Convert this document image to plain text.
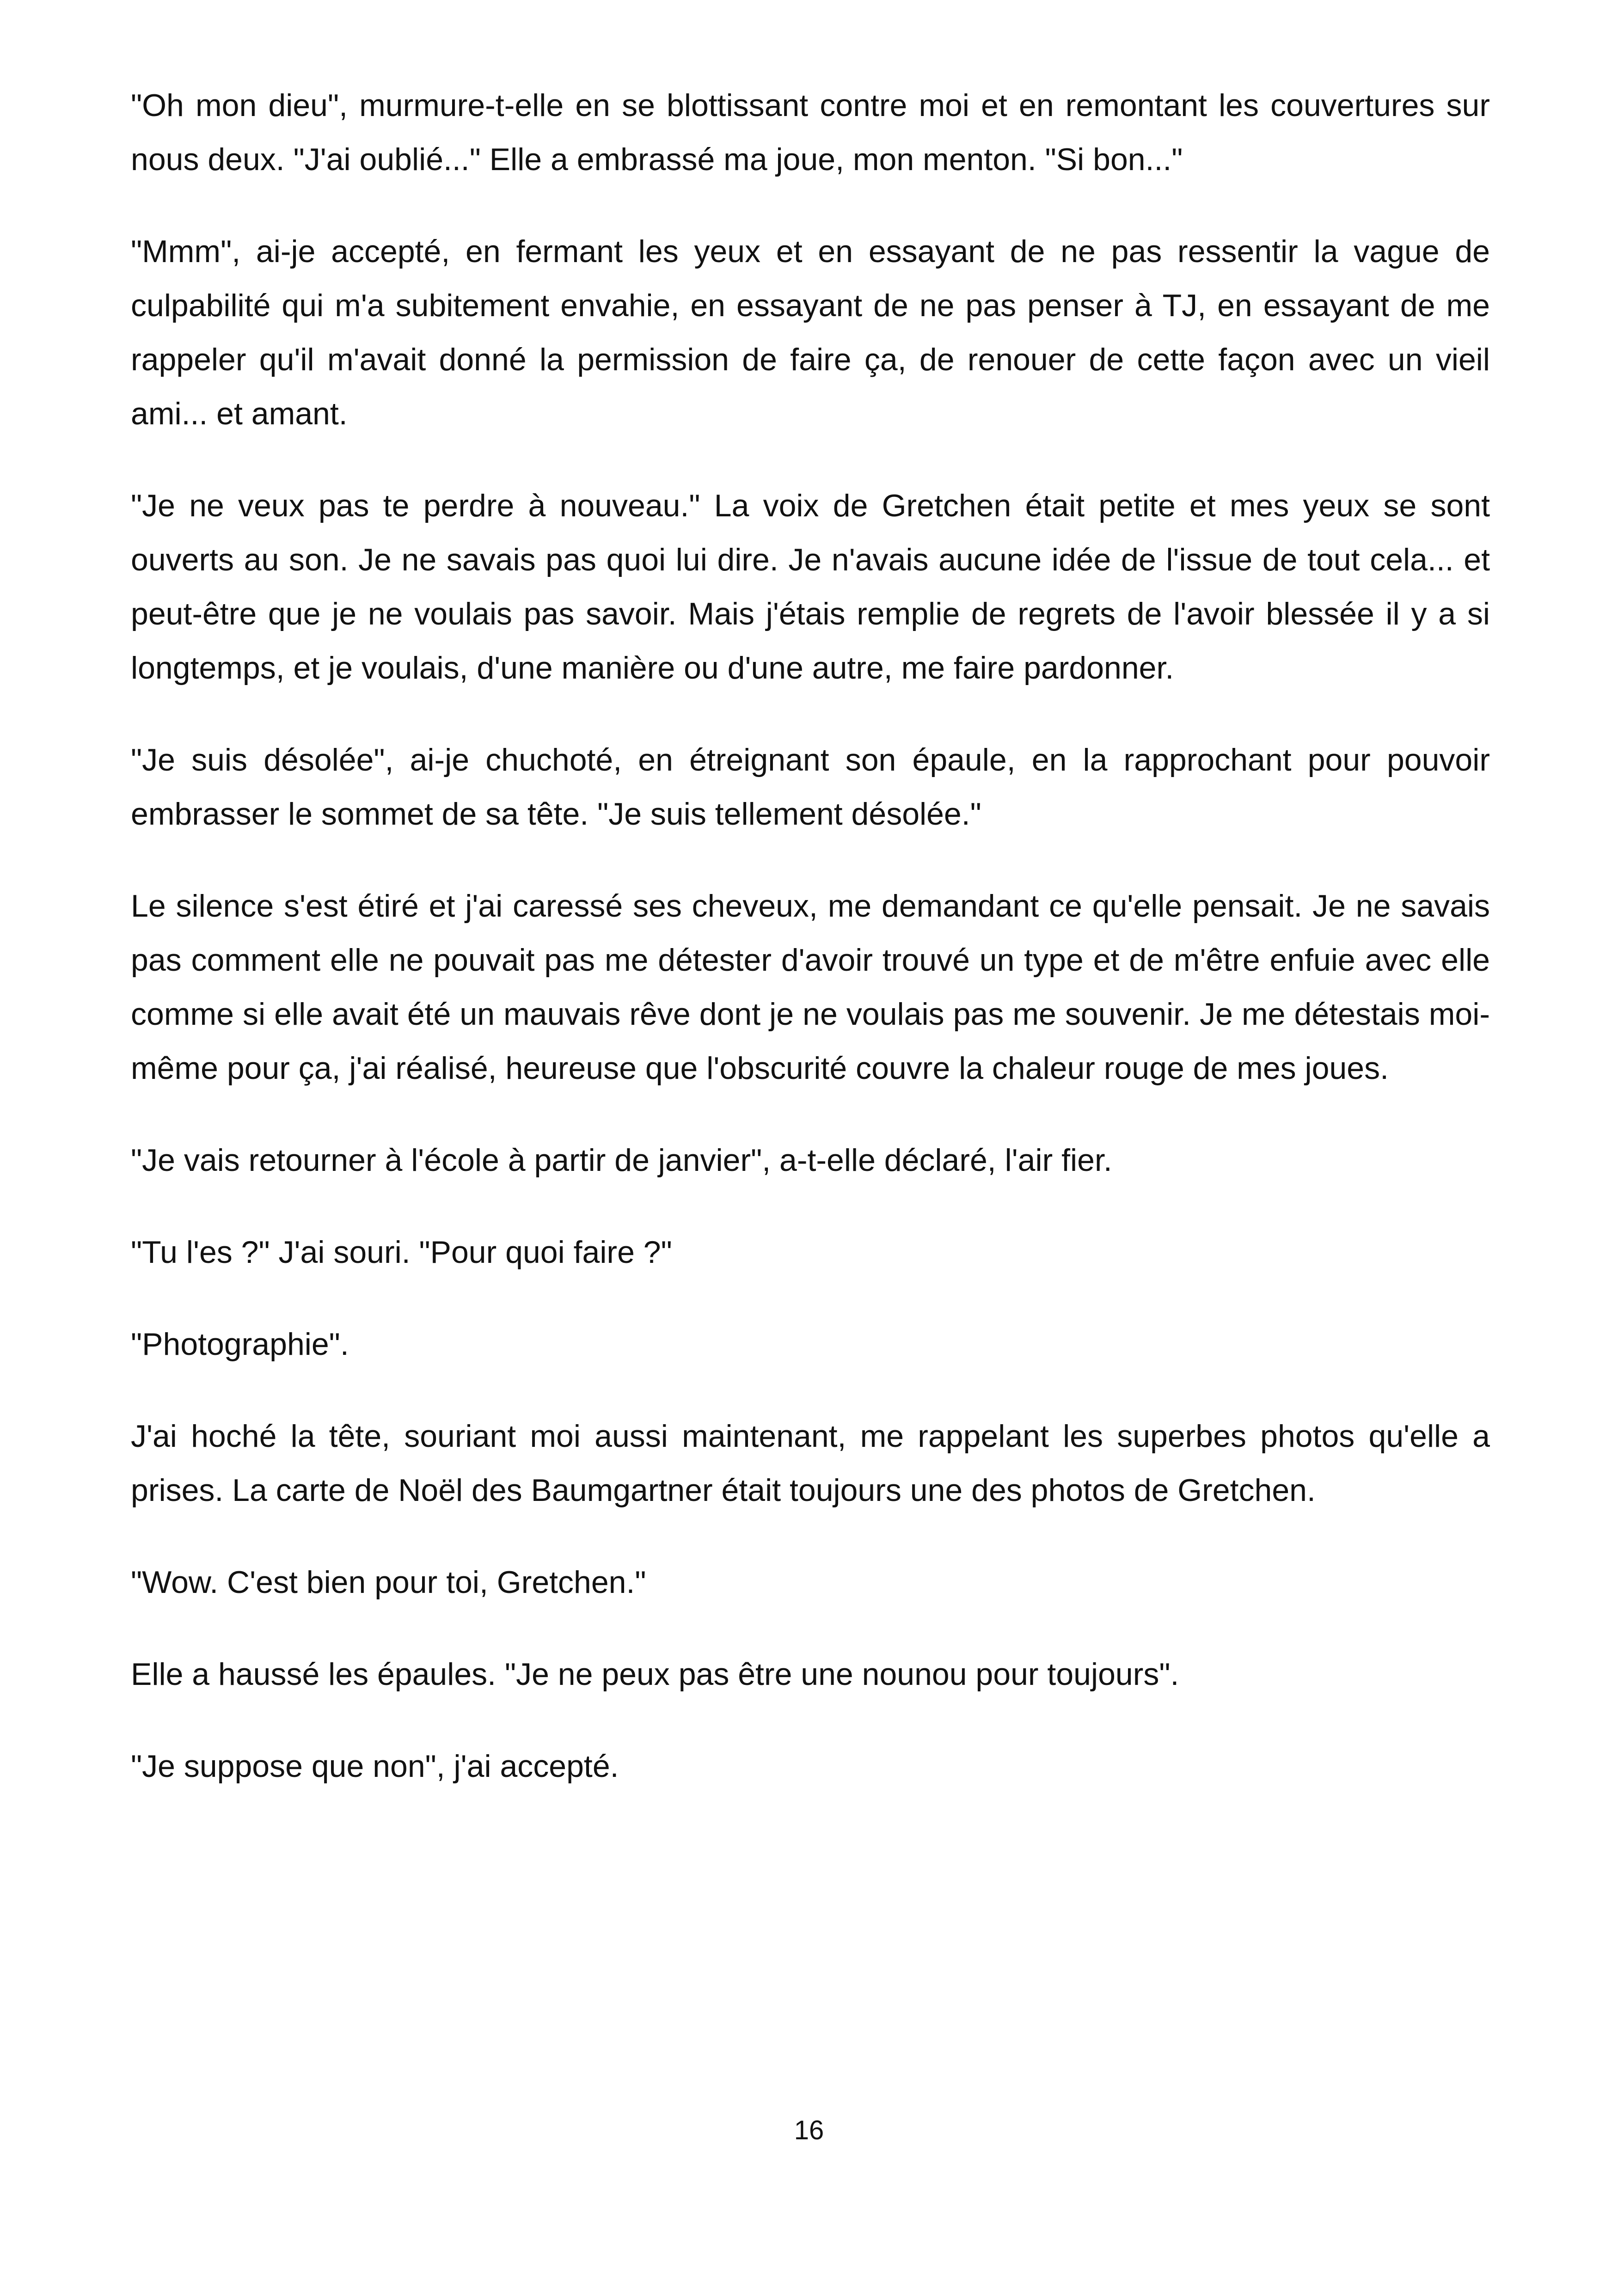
"Oh mon dieu", murmure-t-elle en se blottissant contre moi et en remontant les couvertures sur nous deux. "J'ai oublié..." Elle a embrassé ma joue, mon menton. "Si bon..."

"Mmm", ai-je accepté, en fermant les yeux et en essayant de ne pas ressentir la vague de culpabilité qui m'a subitement envahie, en essayant de ne pas penser à TJ, en essayant de me rappeler qu'il m'avait donné la permission de faire ça, de renouer de cette façon avec un vieil ami... et amant.

"Je ne veux pas te perdre à nouveau." La voix de Gretchen était petite et mes yeux se sont ouverts au son. Je ne savais pas quoi lui dire. Je n'avais aucune idée de l'issue de tout cela... et peut-être que je ne voulais pas savoir. Mais j'étais remplie de regrets de l'avoir blessée il y a si longtemps, et je voulais, d'une manière ou d'une autre, me faire pardonner.

"Je suis désolée", ai-je chuchoté, en étreignant son épaule, en la rapprochant pour pouvoir embrasser le sommet de sa tête. "Je suis tellement désolée."

Le silence s'est étiré et j'ai caressé ses cheveux, me demandant ce qu'elle pensait. Je ne savais pas comment elle ne pouvait pas me détester d'avoir trouvé un type et de m'être enfuie avec elle comme si elle avait été un mauvais rêve dont je ne voulais pas me souvenir. Je me détestais moi-même pour ça, j'ai réalisé, heureuse que l'obscurité couvre la chaleur rouge de mes joues.

"Je vais retourner à l'école à partir de janvier", a-t-elle déclaré, l'air fier.

"Tu l'es ?" J'ai souri. "Pour quoi faire ?"

"Photographie".

J'ai hoché la tête, souriant moi aussi maintenant, me rappelant les superbes photos qu'elle a prises. La carte de Noël des Baumgartner était toujours une des photos de Gretchen.

"Wow. C'est bien pour toi, Gretchen."

Elle a haussé les épaules. "Je ne peux pas être une nounou pour toujours".

"Je suppose que non", j'ai accepté.

16
